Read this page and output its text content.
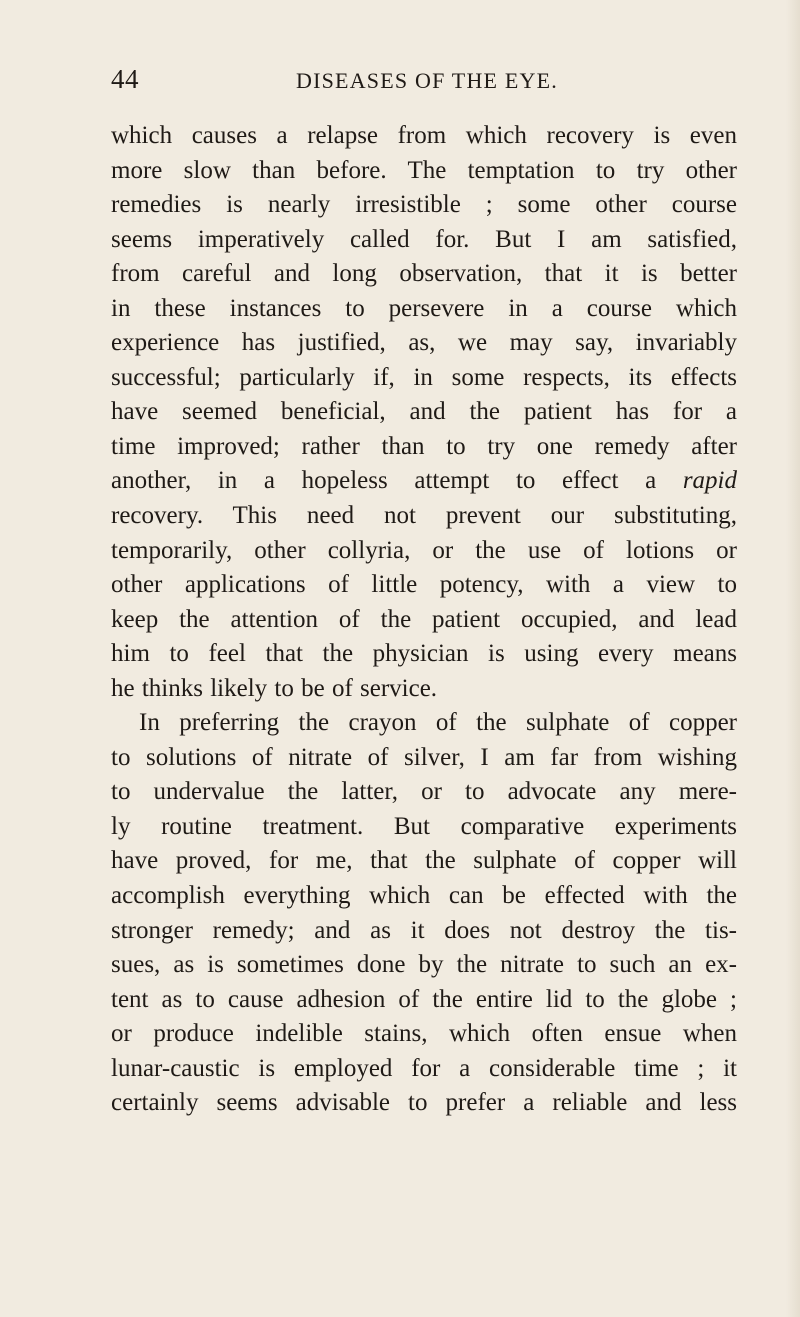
44	DISEASES OF THE EYE.
which causes a relapse from which recovery is even
more slow than before. The temptation to try other
remedies is nearly irresistible ; some other course
seems imperatively called for. But I am satisfied,
from careful and long observation, that it is better
in these instances to persevere in a course which
experience has justified, as, we may say, invariably
successful; particularly if, in some respects, its effects
have seemed beneficial, and the patient has for a
time improved; rather than to try one remedy after
another, in a hopeless attempt to effect a rapid
recovery. This need not prevent our substituting,
temporarily, other collyria, or the use of lotions or
other applications of little potency, with a view to
keep the attention of the patient occupied, and lead
him to feel that the physician is using every means
he thinks likely to be of service.
In preferring the crayon of the sulphate of copper
to solutions of nitrate of silver, I am far from wishing
to undervalue the latter, or to advocate any mere-
ly routine treatment. But comparative experiments
have proved, for me, that the sulphate of copper will
accomplish everything which can be effected with the
stronger remedy; and as it does not destroy the tis-
sues, as is sometimes done by the nitrate to such an ex-
tent as to cause adhesion of the entire lid to the globe ;
or produce indelible stains, which often ensue when
lunar-caustic is employed for a considerable time ; it
certainly seems advisable to prefer a reliable and less
